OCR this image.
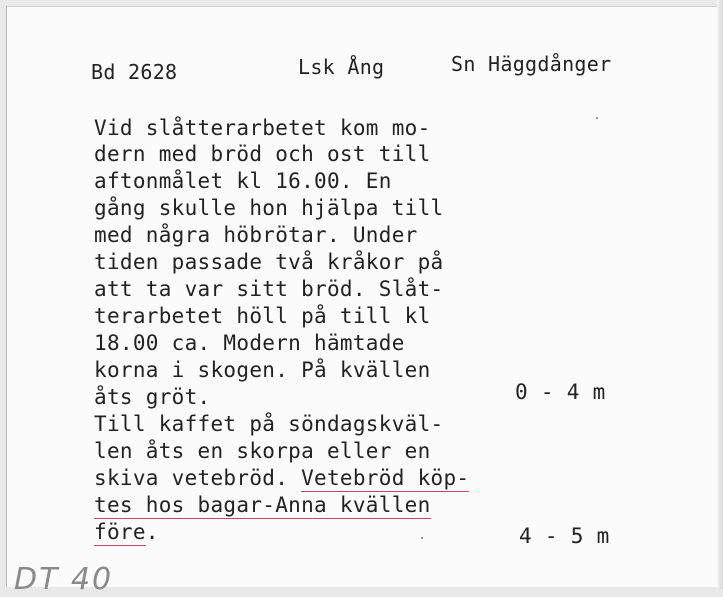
Bd 2628	Lsk Ång	Sn Häggdånger
Vid slåtterarbetet kom mo-
dern med bröd och ost till
aftonmålet kl 16.00. En
gång skulle hon hjälpa till
med några höbrötar. Under
tiden passade två kråkor på
att ta var sitt bröd. Slåt-
terarbetet höll på till kl
18.00 ca. Modern hämtade
korna i skogen. På kvällen
åts gröt.
Till kaffet på söndagskväl-
len åts en skorpa eller en
skiva vetebröd. Vetebröd köp-
tes hos bagar-Anna kvällen
före.
0 - 4 m
4 - 5 m
DT 40
